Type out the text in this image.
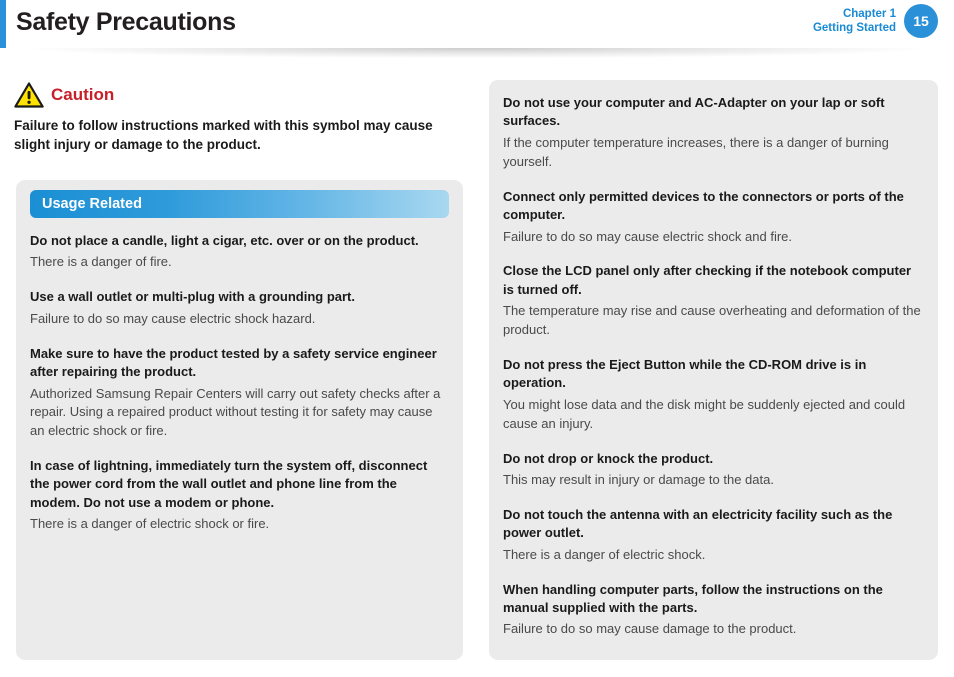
Safety Precautions	Chapter 1
Getting Started	15
Caution
Failure to follow instructions marked with this symbol may cause slight injury or damage to the product.
Usage Related
Do not place a candle, light a cigar, etc. over or on the product.
There is a danger of fire.
Use a wall outlet or multi-plug with a grounding part.
Failure to do so may cause electric shock hazard.
Make sure to have the product tested by a safety service engineer after repairing the product.
Authorized Samsung Repair Centers will carry out safety checks after a repair. Using a repaired product without testing it for safety may cause an electric shock or fire.
In case of lightning, immediately turn the system off, disconnect the power cord from the wall outlet and phone line from the modem. Do not use a modem or phone.
There is a danger of electric shock or fire.
Do not use your computer and AC-Adapter on your lap or soft surfaces.
If the computer temperature increases, there is a danger of burning yourself.
Connect only permitted devices to the connectors or ports of the computer.
Failure to do so may cause electric shock and fire.
Close the LCD panel only after checking if the notebook computer is turned off.
The temperature may rise and cause overheating and deformation of the product.
Do not press the Eject Button while the CD-ROM drive is in operation.
You might lose data and the disk might be suddenly ejected and could cause an injury.
Do not drop or knock the product.
This may result in injury or damage to the data.
Do not touch the antenna with an electricity facility such as the power outlet.
There is a danger of electric shock.
When handling computer parts, follow the instructions on the manual supplied with the parts.
Failure to do so may cause damage to the product.
